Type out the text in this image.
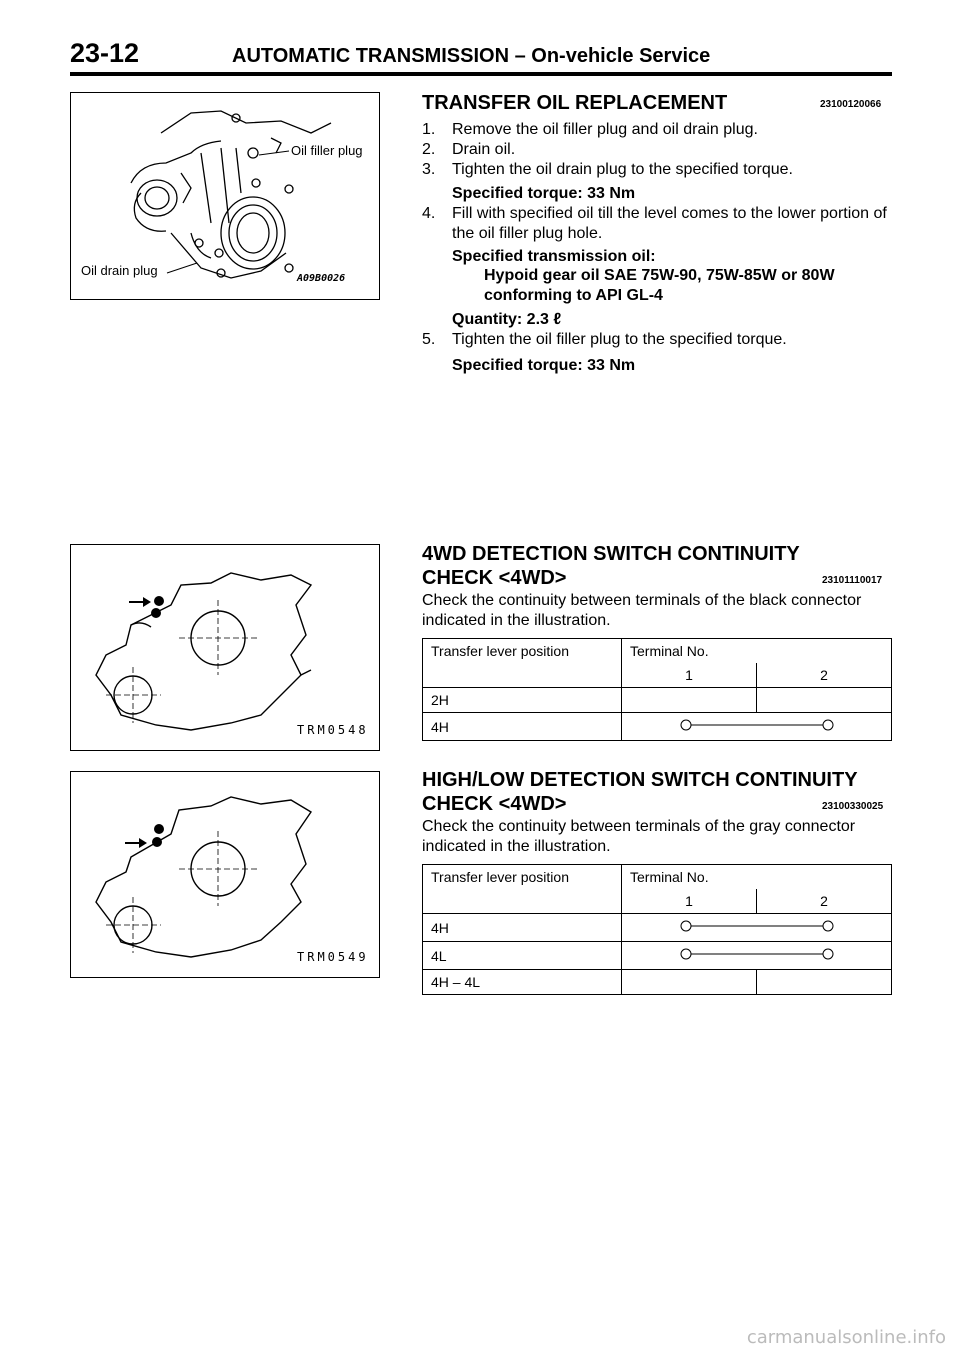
23-12	AUTOMATIC TRANSMISSION – On-vehicle Service
Oil filler plug
Oil drain plug
A09B0026
TRANSFER OIL REPLACEMENT	23100120066
1. Remove the oil filler plug and oil drain plug.
2. Drain oil.
3. Tighten the oil drain plug to the specified torque.
Specified torque: 33 Nm
4. Fill with specified oil till the level comes to the lower portion of the oil filler plug hole.
Specified transmission oil:
Hypoid gear oil SAE 75W-90, 75W-85W or 80W conforming to API GL-4
Quantity: 2.3 ℓ
5. Tighten the oil filler plug to the specified torque.
Specified torque: 33 Nm
TRM0548
4WD DETECTION SWITCH CONTINUITY
CHECK <4WD>	23101110017
Check the continuity between terminals of the black connector indicated in the illustration.
Transfer lever position	Terminal No.	
	1	2
2H		
4H	
TRM0549
HIGH/LOW DETECTION SWITCH CONTINUITY
CHECK <4WD>	23100330025
Check the continuity between terminals of the gray connector indicated in the illustration.
Transfer lever position	Terminal No.	
	1	2
4H	
4L	
4H – 4L		
carmanualsonline.info
